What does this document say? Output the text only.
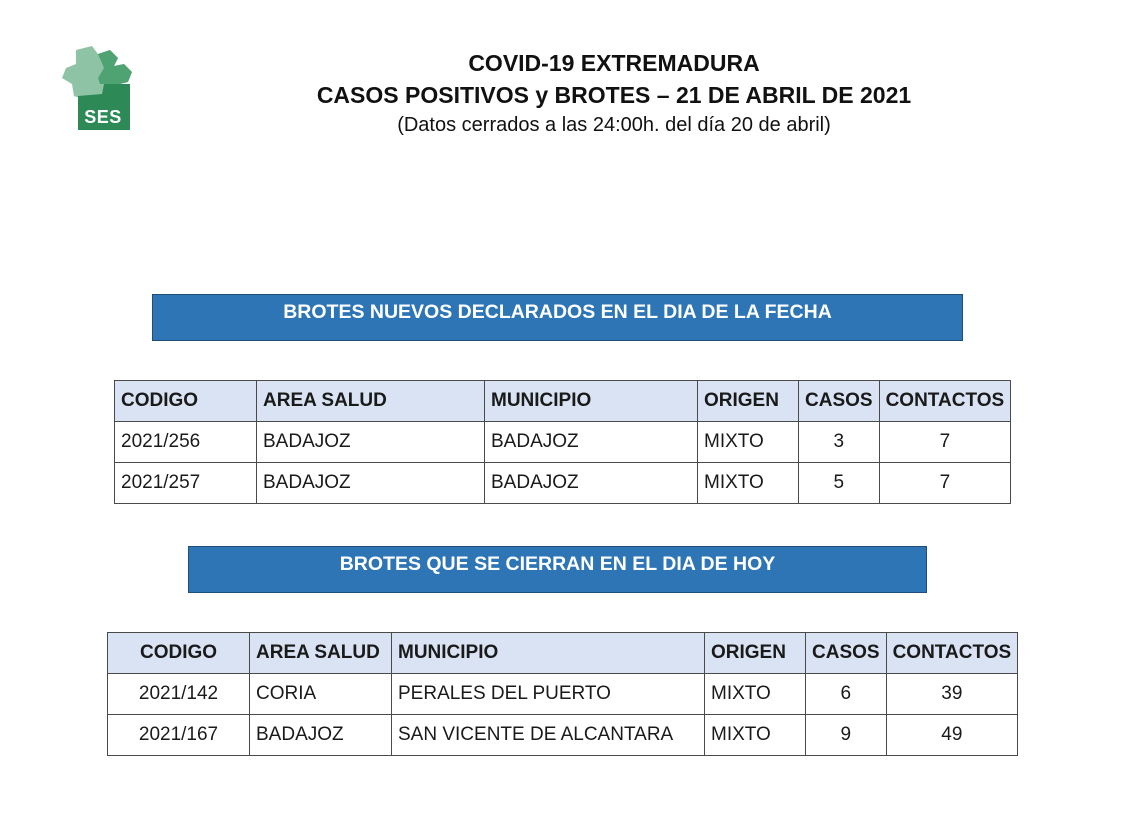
SES
COVID-19 EXTREMADURA
CASOS POSITIVOS y BROTES – 21 DE ABRIL DE 2021
(Datos cerrados a las 24:00h. del día 20 de abril)
BROTES NUEVOS DECLARADOS EN EL DIA DE LA FECHA
CODIGO	AREA SALUD	MUNICIPIO	ORIGEN	CASOS	CONTACTOS
2021/256	BADAJOZ	BADAJOZ	MIXTO	3	7
2021/257	BADAJOZ	BADAJOZ	MIXTO	5	7
BROTES QUE SE CIERRAN EN EL DIA DE HOY
CODIGO	AREA SALUD	MUNICIPIO	ORIGEN	CASOS	CONTACTOS
2021/142	CORIA	PERALES DEL PUERTO	MIXTO	6	39
2021/167	BADAJOZ	SAN VICENTE DE ALCANTARA	MIXTO	9	49
